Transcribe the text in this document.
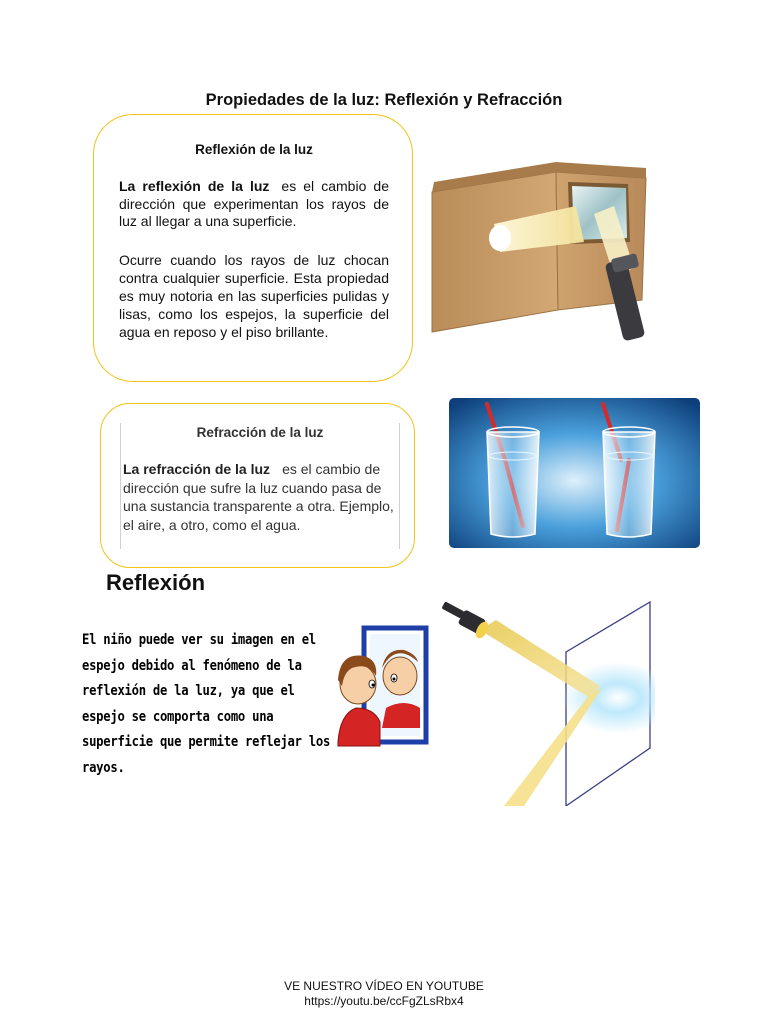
Propiedades de la luz: Reflexión y Refracción
Reflexión de la luz
La reflexión de la luz es el cambio de dirección que experimentan los rayos de luz al llegar a una superficie.
Ocurre cuando los rayos de luz chocan contra cualquier superficie. Esta propiedad es muy notoria en las superficies pulidas y lisas, como los espejos, la superficie del agua en reposo y el piso brillante.
Refracción de la luz
La refracción de la luz es el cambio de dirección que sufre la luz cuando pasa de una sustancia transparente a otra. Ejemplo, el aire, a otro, como el agua.
Reflexión
El niño puede ver su imagen en el espejo debido al fenómeno de la reflexión de la luz, ya que el espejo se comporta como una superficie que permite reflejar los rayos.
VE NUESTRO VÍDEO EN YOUTUBE
https://youtu.be/ccFgZLsRbx4
